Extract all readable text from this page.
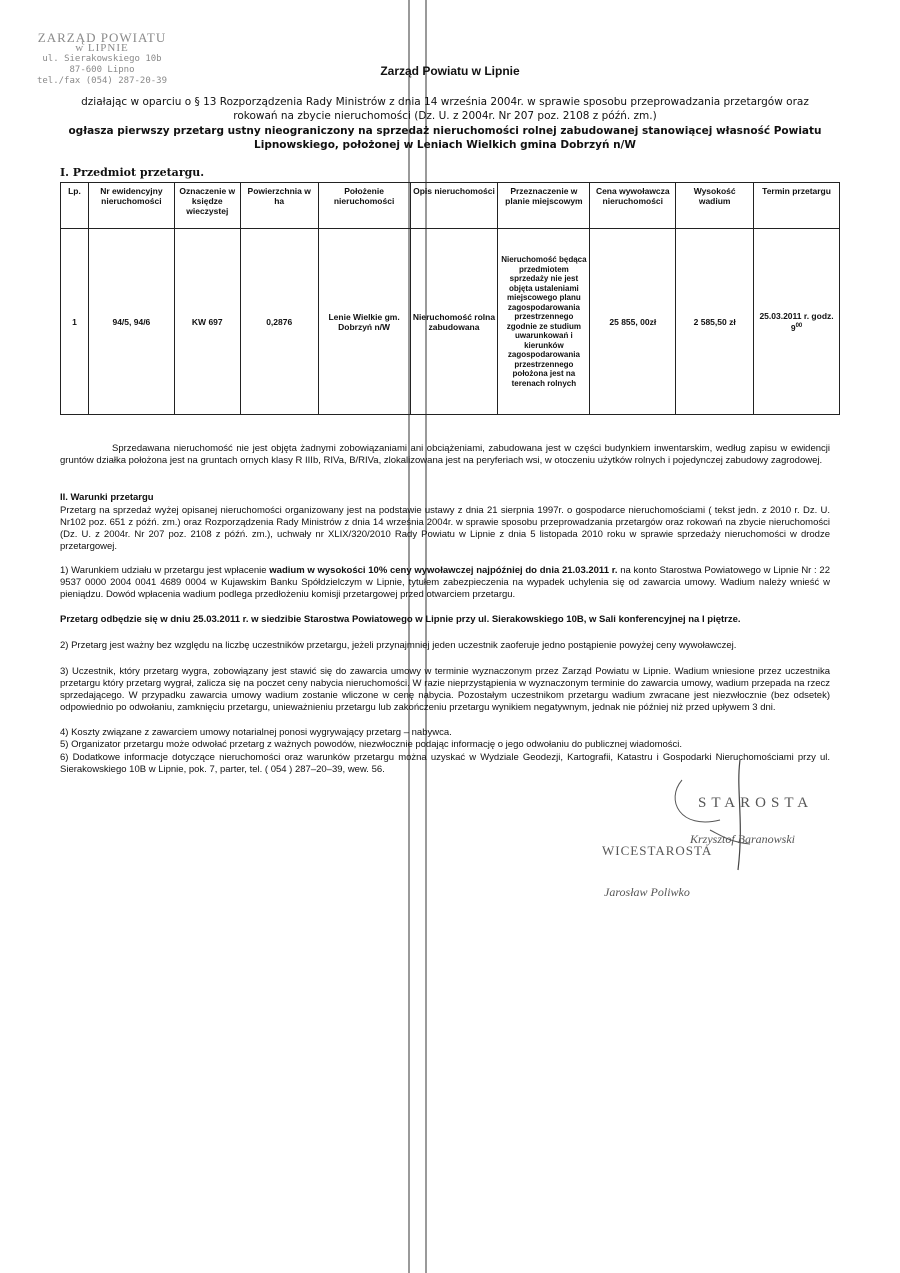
ZARZĄD POWIATU
w LIPNIE
ul. Sierakowskiego 10b
87-600 Lipno
tel./fax (054) 287-20-39
Zarząd Powiatu w Lipnie
działając w oparciu o § 13 Rozporządzenia Rady Ministrów z dnia 14 września 2004r. w sprawie sposobu przeprowadzania przetargów oraz rokowań na zbycie nieruchomości (Dz. U. z 2004r. Nr 207 poz. 2108 z późń. zm.)
ogłasza pierwszy przetarg ustny nieograniczony na sprzedaż nieruchomości rolnej zabudowanej stanowiącej własność Powiatu Lipnowskiego, położonej w Leniach Wielkich gmina Dobrzyń n/W
I. Przedmiot przetargu.
Lp.	Nr ewidencyjny nieruchomości	Oznaczenie w księdze wieczystej	Powierzchnia w ha	Położenie nieruchomości	Opis nieruchomości	Przeznaczenie w planie miejscowym	Cena wywoławcza nieruchomości	Wysokość wadium	Termin przetargu
1	94/5, 94/6	KW 697	0,2876	Lenie Wielkie gm. Dobrzyń n/W	Nieruchomość rolna zabudowana	Nieruchomość będąca przedmiotem sprzedaży nie jest objęta ustaleniami miejscowego planu zagospodarowania przestrzennego zgodnie ze studium uwarunkowań i kierunków zagospodarowania przestrzennego położona jest na terenach rolnych	25 855, 00zł	2 585,50 zł	25.03.2011 r. godz. $9^{00}$
Sprzedawana nieruchomość nie jest objęta żadnymi zobowiązaniami ani obciążeniami, zabudowana jest w części budynkiem inwentarskim, według zapisu w ewidencji gruntów działka położona jest na gruntach ornych klasy R IIIb, RIVa, B/RIVa, zlokalizowana jest na peryferiach wsi, w otoczeniu użytków rolnych i pojedynczej zabudowy zagrodowej.
II. Warunki przetargu
Przetarg na sprzedaż wyżej opisanej nieruchomości organizowany jest na podstawie ustawy z dnia 21 sierpnia 1997r. o gospodarce nieruchomościami ( tekst jedn. z 2010 r. Dz. U. Nr102 poz. 651 z późń. zm.) oraz Rozporządzenia Rady Ministrów z dnia 14 września 2004r. w sprawie sposobu przeprowadzania przetargów oraz rokowań na zbycie nieruchomości (Dz. U. z 2004r. Nr 207 poz. 2108 z późń. zm.), uchwały nr XLIX/320/2010 Rady Powiatu w Lipnie z dnia 5 listopada 2010 roku w sprawie sprzedaży nieruchomości w drodze przetargowej.
1) Warunkiem udziału w przetargu jest wpłacenie wadium w wysokości 10% ceny wywoławczej najpóźniej do dnia 21.03.2011 r. na konto Starostwa Powiatowego w Lipnie Nr : 22 9537 0000 2004 0041 4689 0004 w Kujawskim Banku Spółdzielczym w Lipnie, tytułem zabezpieczenia na wypadek uchylenia się od zawarcia umowy. Wadium należy wnieść w pieniądzu. Dowód wpłacenia wadium podlega przedłożeniu komisji przetargowej przed otwarciem przetargu.
Przetarg odbędzie się w dniu 25.03.2011 r. w siedzibie Starostwa Powiatowego w Lipnie przy ul. Sierakowskiego 10B, w Sali konferencyjnej na I piętrze.
2) Przetarg jest ważny bez względu na liczbę uczestników przetargu, jeżeli przynajmniej jeden uczestnik zaoferuje jedno postąpienie powyżej ceny wywoławczej.
3) Uczestnik, który przetarg wygra, zobowiązany jest stawić się do zawarcia umowy w terminie wyznaczonym przez Zarząd Powiatu w Lipnie. Wadium wniesione przez uczestnika przetargu który przetarg wygrał, zalicza się na poczet ceny nabycia nieruchomości. W razie nieprzystąpienia w wyznaczonym terminie do zawarcia umowy, wadium przepada na rzecz sprzedającego. W przypadku zawarcia umowy wadium zostanie wliczone w cenę nabycia. Pozostałym uczestnikom przetargu wadium zwracane jest niezwłocznie (bez odsetek) odpowiednio po odwołaniu, zamknięciu przetargu, unieważnieniu przetargu lub zakończeniu przetargu wynikiem negatywnym, jednak nie później niż przed upływem 3 dni.
4) Koszty związane z zawarciem umowy notarialnej ponosi wygrywający przetarg – nabywca.
5) Organizator przetargu może odwołać przetarg z ważnych powodów, niezwłocznie podając informację o jego odwołaniu do publicznej wiadomości.
6) Dodatkowe informacje dotyczące nieruchomości oraz warunków przetargu można uzyskać w Wydziale Geodezji, Kartografii, Katastru i Gospodarki Nieruchomościami przy ul. Sierakowskiego 10B w Lipnie, pok. 7, parter, tel. ( 054 ) 287–20–39, wew. 56.
STAROSTA
Krzysztof Baranowski
WICESTAROSTA
Jarosław Poliwko
